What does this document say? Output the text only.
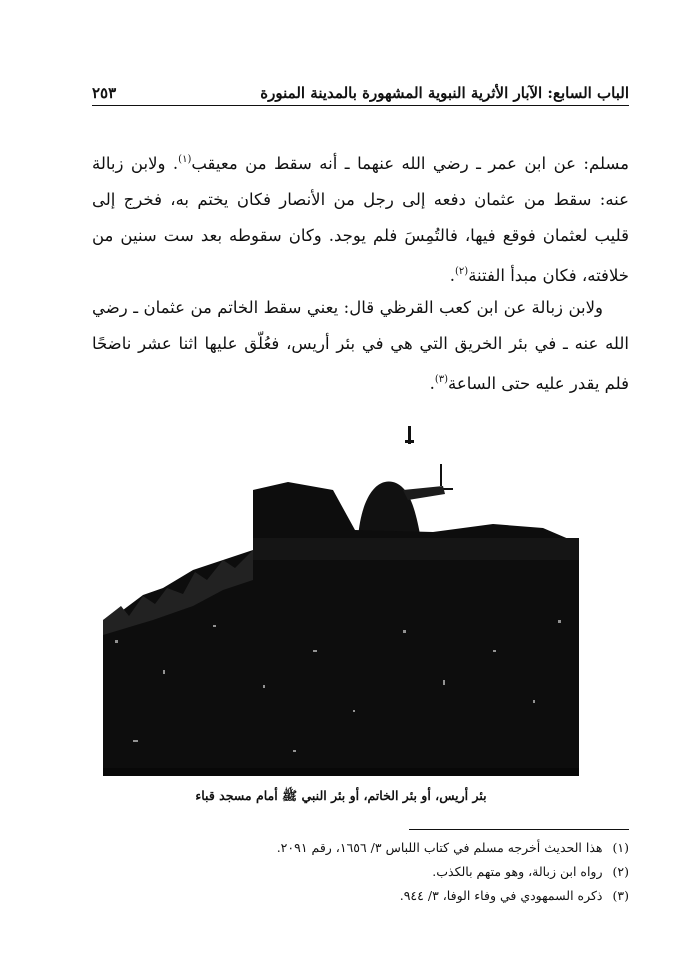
الباب السابع: الآبار الأثرية النبوية المشهورة بالمدينة المنورة
٢٥٣
مسلم: عن ابن عمر ـ رضي الله عنهما ـ أنه سقط من معيقب$^{(١)}$. ولابن زبالة عنه: سقط من عثمان دفعه إلى رجل من الأنصار فكان يختم به، فخرج إلى قليب لعثمان فوقع فيها، فالتُمِسَ فلم يوجد. وكان سقوطه بعد ست سنين من خلافته، فكان مبدأ الفتنة$^{(٢)}$.
ولابن زبالة عن ابن كعب القرظي قال: يعني سقط الخاتم من عثمان ـ رضي الله عنه ـ في بئر الخريق التي هي في بئر أريس، فعُلّق عليها اثنا عشر ناضحًا فلم يقدر عليه حتى الساعة$^{(٣)}$.
بئر أريس، أو بئر الخاتم، أو بئر النبي ﷺ أمام مسجد قباء
(١)
هذا الحديث أخرجه مسلم في كتاب اللباس ٣/ ١٦٥٦، رقم ٢٠٩١.
(٢)
رواه ابن زبالة، وهو متهم بالكذب.
(٣)
ذكره السمهودي في وفاء الوفا، ٣/ ٩٤٤.
